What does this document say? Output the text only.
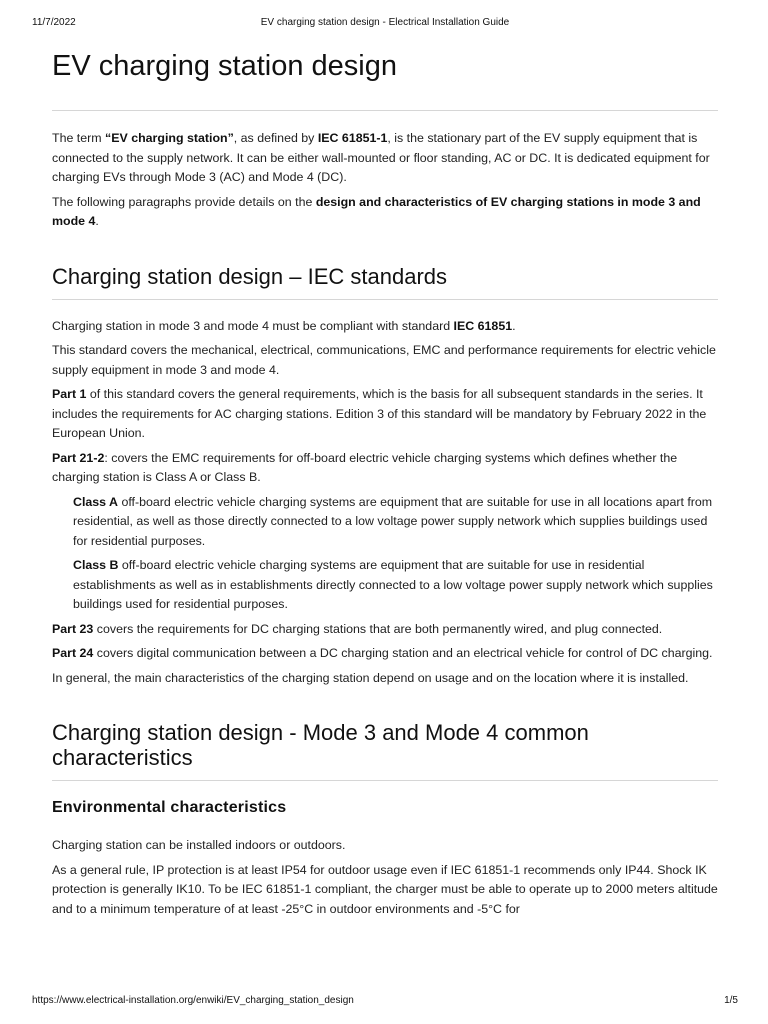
11/7/2022	EV charging station design - Electrical Installation Guide
EV charging station design

The term “EV charging station”, as defined by IEC 61851-1, is the stationary part of the EV supply equipment that is connected to the supply network. It can be either wall-mounted or floor standing, AC or DC. It is dedicated equipment for charging EVs through Mode 3 (AC) and Mode 4 (DC).

The following paragraphs provide details on the design and characteristics of EV charging stations in mode 3 and mode 4.

Charging station design – IEC standards

Charging station in mode 3 and mode 4 must be compliant with standard IEC 61851.

This standard covers the mechanical, electrical, communications, EMC and performance requirements for electric vehicle supply equipment in mode 3 and mode 4.

Part 1 of this standard covers the general requirements, which is the basis for all subsequent standards in the series. It includes the requirements for AC charging stations. Edition 3 of this standard will be mandatory by February 2022 in the European Union.

Part 21-2: covers the EMC requirements for off-board electric vehicle charging systems which defines whether the charging station is Class A or Class B.

Class A off-board electric vehicle charging systems are equipment that are suitable for use in all locations apart from residential, as well as those directly connected to a low voltage power supply network which supplies buildings used for residential purposes.

Class B off-board electric vehicle charging systems are equipment that are suitable for use in residential establishments as well as in establishments directly connected to a low voltage power supply network which supplies buildings used for residential purposes.

Part 23 covers the requirements for DC charging stations that are both permanently wired, and plug connected.

Part 24 covers digital communication between a DC charging station and an electrical vehicle for control of DC charging.

In general, the main characteristics of the charging station depend on usage and on the location where it is installed.

Charging station design - Mode 3 and Mode 4 common characteristics
Environmental characteristics

Charging station can be installed indoors or outdoors.

As a general rule, IP protection is at least IP54 for outdoor usage even if IEC 61851-1 recommends only IP44. Shock IK protection is generally IK10. To be IEC 61851-1 compliant, the charger must be able to operate up to 2000 meters altitude and to a minimum temperature of at least -25°C in outdoor environments and -5°C for

https://www.electrical-installation.org/enwiki/EV_charging_station_design	1/5
